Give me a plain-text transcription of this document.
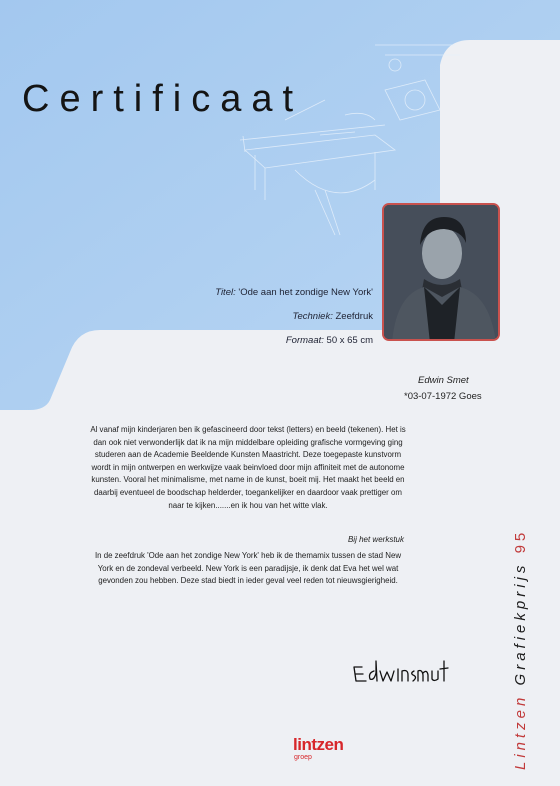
Certificaat
Titel: 'Ode aan het zondige New York'
Techniek: Zeefdruk
Formaat: 50 x 65 cm
Edwin Smet
*03-07-1972 Goes
Al vanaf mijn kinderjaren ben ik gefascineerd door tekst (letters) en beeld (tekenen). Het is
dan ook niet verwonderlijk dat ik na mijn middelbare opleiding grafische vormgeving ging
studeren aan de Academie Beeldende Kunsten Maastricht. Deze toegepaste kunstvorm
wordt in mijn ontwerpen en werkwijze vaak beinvloed door mijn affiniteit met de autonome
kunsten. Vooral het minimalisme, met name in de kunst, boeit mij. Het maakt het beeld en
daarbij eventueel de boodschap helderder, toegankelijker en daardoor vaak prettiger om
naar te kijken.......en ik hou van het witte vlak.
Bij het werkstuk
In de zeefdruk 'Ode aan het zondige New York' heb ik de themamix tussen de stad New
York en de zondeval verbeeld. New York is een paradijsje, ik denk dat Eva het wel wat
gevonden zou hebben. Deze stad biedt in ieder geval veel reden tot nieuwsgierigheid.
Lintzen Grafiekprijs 95
lintzen
groep
